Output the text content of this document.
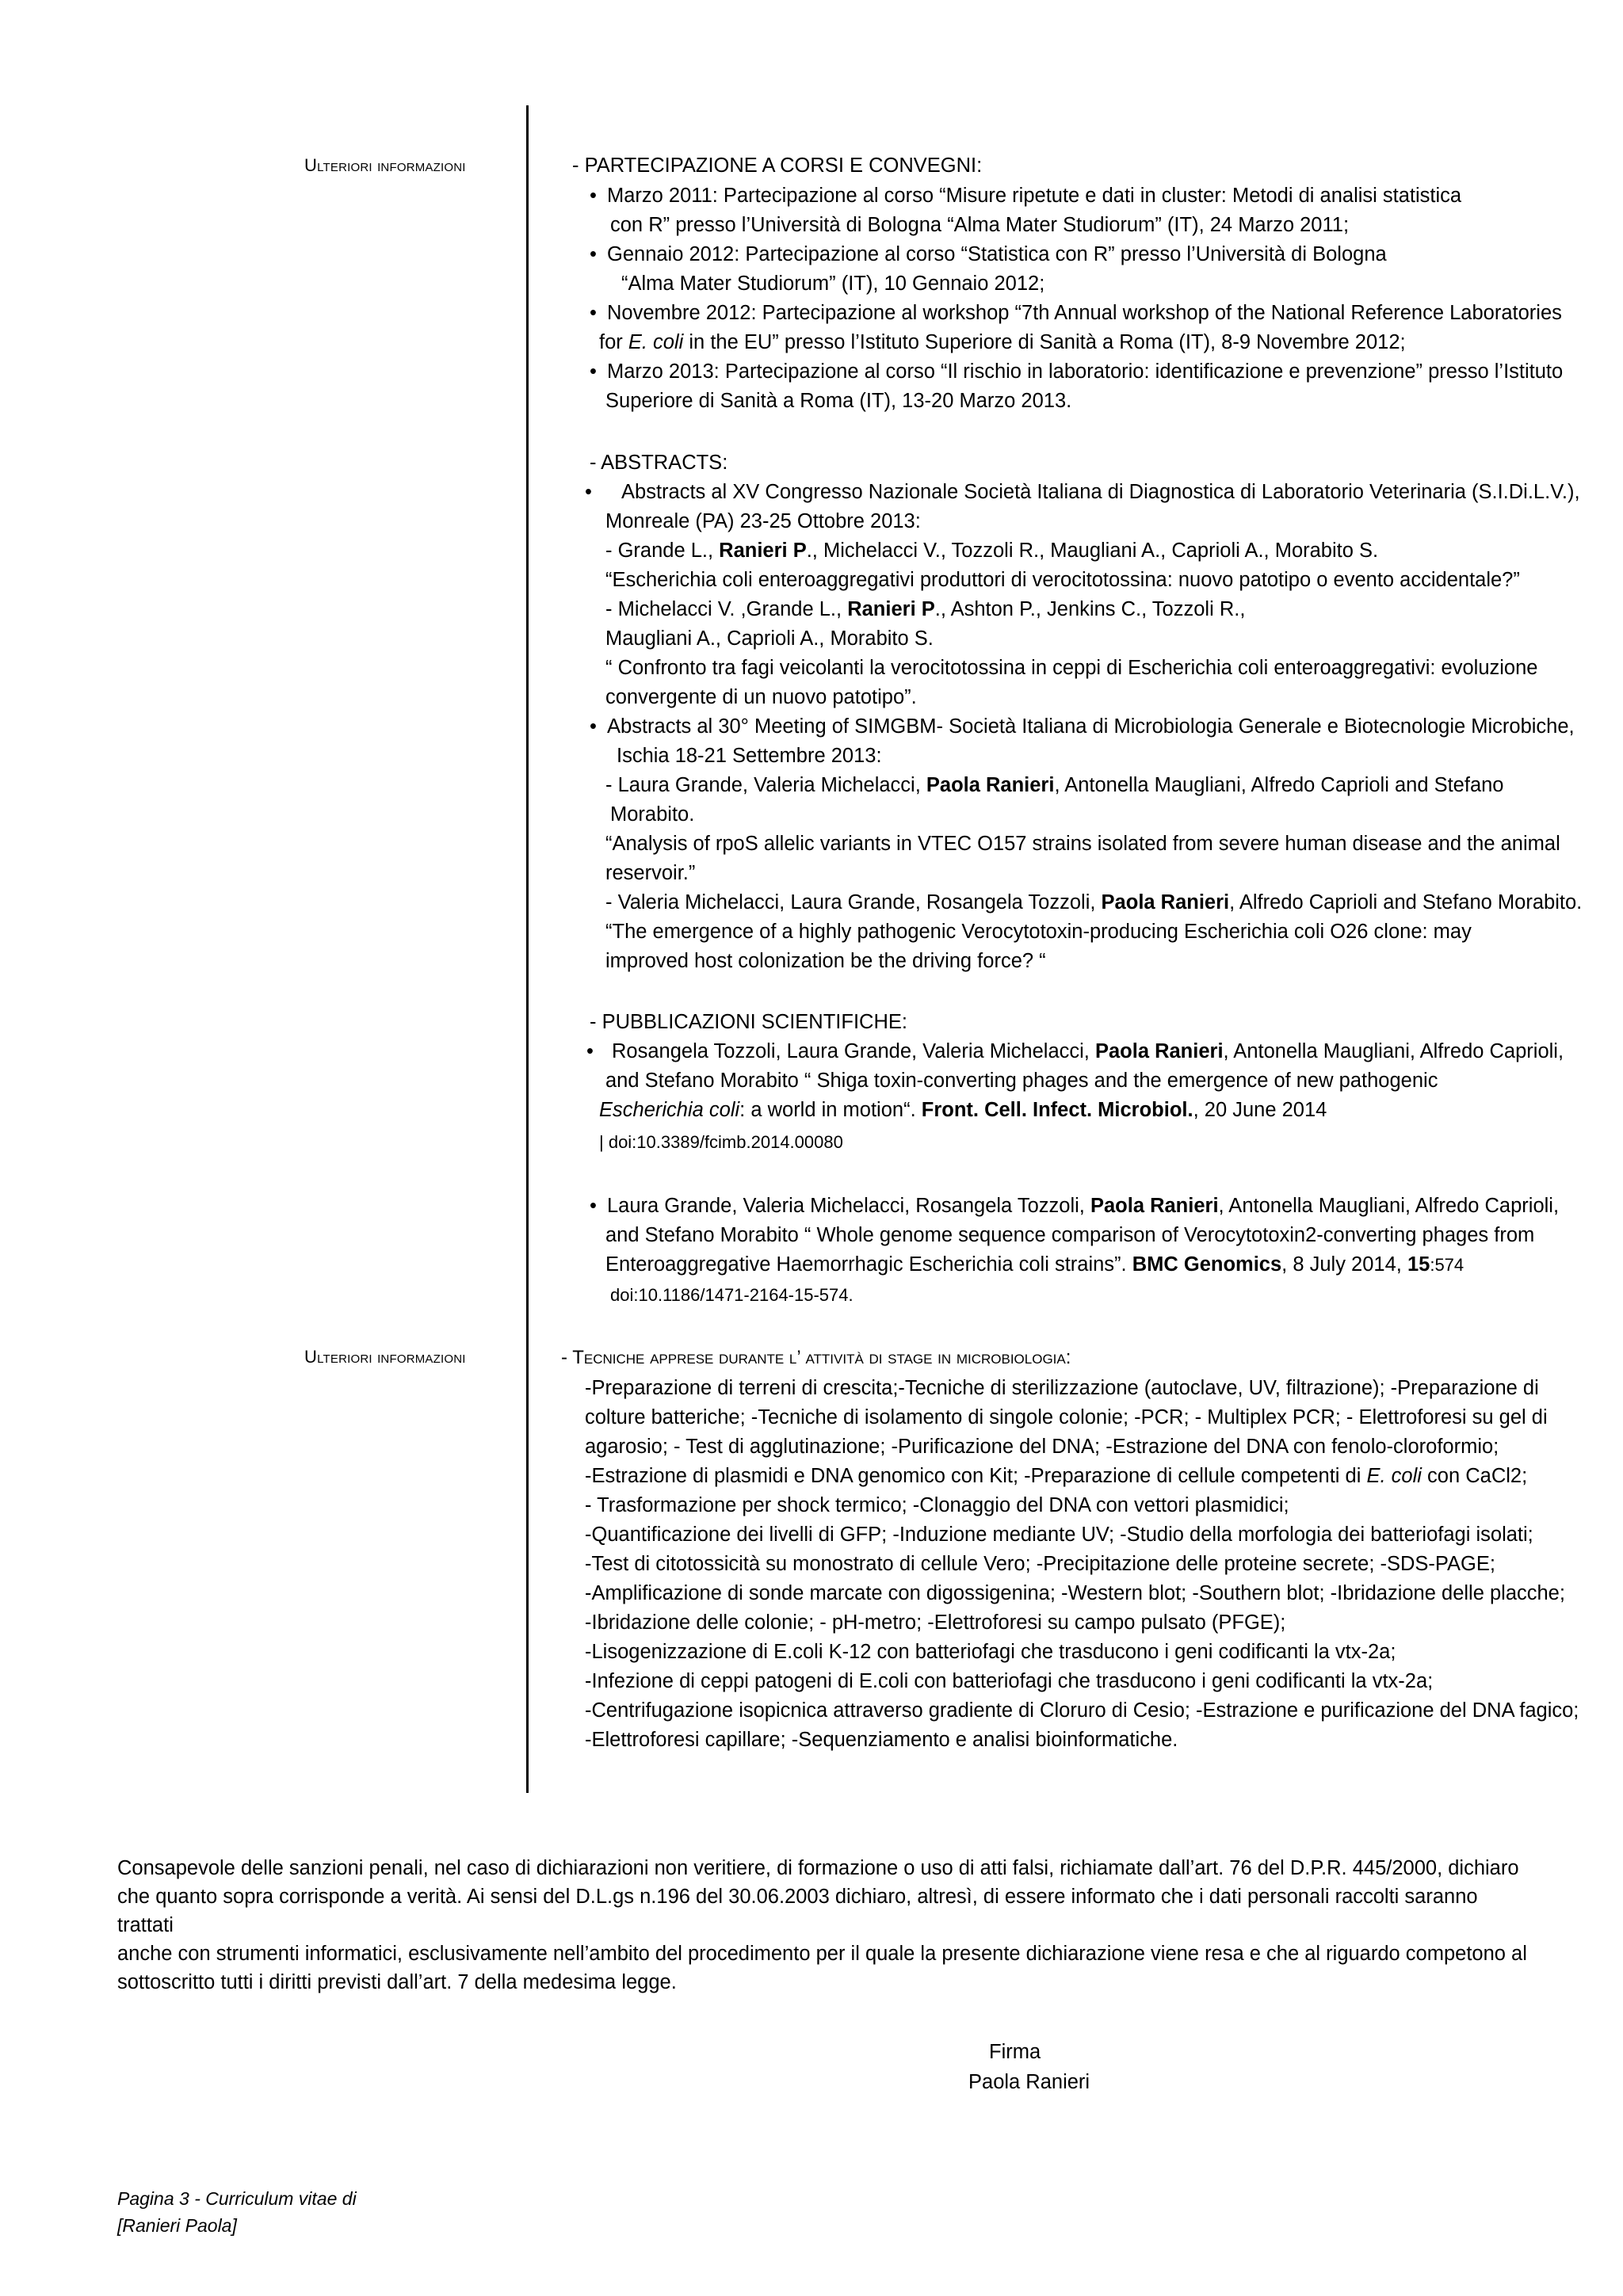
Ulteriori informazioni
Ulteriori informazioni
- PARTECIPAZIONE A CORSI E CONVEGNI:
• Marzo 2011: Partecipazione al corso “Misure ripetute e dati in cluster: Metodi di analisi statistica
con R” presso l’Università di Bologna “Alma Mater Studiorum” (IT), 24 Marzo 2011;
• Gennaio 2012: Partecipazione al corso “Statistica con R” presso l’Università di Bologna
“Alma Mater Studiorum” (IT), 10 Gennaio 2012;
• Novembre 2012: Partecipazione al workshop “7th Annual workshop of the National Reference Laboratories
for E. coli in the EU” presso l’Istituto Superiore di Sanità a Roma (IT), 8-9 Novembre 2012;
• Marzo 2013: Partecipazione al corso “Il rischio in laboratorio: identificazione e prevenzione” presso l’Istituto
Superiore di Sanità a Roma (IT), 13-20 Marzo 2013.
- ABSTRACTS:
• Abstracts al XV Congresso Nazionale Società Italiana di Diagnostica di Laboratorio Veterinaria (S.I.Di.L.V.),
Monreale (PA) 23-25 Ottobre 2013:
- Grande L., Ranieri P., Michelacci V., Tozzoli R., Maugliani A., Caprioli A., Morabito S.
“Escherichia coli enteroaggregativi produttori di verocitotossina: nuovo patotipo o evento accidentale?”
- Michelacci V. ,Grande L., Ranieri P., Ashton P., Jenkins C., Tozzoli R.,
Maugliani A., Caprioli A., Morabito S.
“ Confronto tra fagi veicolanti la verocitotossina in ceppi di Escherichia coli enteroaggregativi: evoluzione
convergente di un nuovo patotipo”.
• Abstracts al 30° Meeting of SIMGBM- Società Italiana di Microbiologia Generale e Biotecnologie Microbiche,
Ischia 18-21 Settembre 2013:
- Laura Grande, Valeria Michelacci, Paola Ranieri, Antonella Maugliani, Alfredo Caprioli and Stefano
Morabito.
“Analysis of rpoS allelic variants in VTEC O157 strains isolated from severe human disease and the animal
reservoir.”
- Valeria Michelacci, Laura Grande, Rosangela Tozzoli, Paola Ranieri, Alfredo Caprioli and Stefano Morabito.
“The emergence of a highly pathogenic Verocytotoxin-producing Escherichia coli O26 clone: may
improved host colonization be the driving force? “
- PUBBLICAZIONI SCIENTIFICHE:
• Rosangela Tozzoli, Laura Grande, Valeria Michelacci, Paola Ranieri, Antonella Maugliani, Alfredo Caprioli,
and Stefano Morabito “ Shiga toxin-converting phages and the emergence of new pathogenic
Escherichia coli: a world in motion“. Front. Cell. Infect. Microbiol., 20 June 2014
| doi:10.3389/fcimb.2014.00080
• Laura Grande, Valeria Michelacci, Rosangela Tozzoli, Paola Ranieri, Antonella Maugliani, Alfredo Caprioli,
and Stefano Morabito “ Whole genome sequence comparison of Verocytotoxin2-converting phages from
Enteroaggregative Haemorrhagic Escherichia coli strains”. BMC Genomics, 8 July 2014, 15:574
doi:10.1186/1471-2164-15-574.
- Tecniche apprese durante l’ attività di stage in microbiologia:
-Preparazione di terreni di crescita;-Tecniche di sterilizzazione (autoclave, UV, filtrazione); -Preparazione di
colture batteriche; -Tecniche di isolamento di singole colonie; -PCR; - Multiplex PCR; - Elettroforesi su gel di
agarosio; - Test di agglutinazione; -Purificazione del DNA; -Estrazione del DNA con fenolo-cloroformio;
-Estrazione di plasmidi e DNA genomico con Kit; -Preparazione di cellule competenti di E. coli con CaCl2;
- Trasformazione per shock termico; -Clonaggio del DNA con vettori plasmidici;
-Quantificazione dei livelli di GFP; -Induzione mediante UV; -Studio della morfologia dei batteriofagi isolati;
-Test di citotossicità su monostrato di cellule Vero; -Precipitazione delle proteine secrete; -SDS-PAGE;
-Amplificazione di sonde marcate con digossigenina; -Western blot; -Southern blot; -Ibridazione delle placche;
-Ibridazione delle colonie; - pH-metro; -Elettroforesi su campo pulsato (PFGE);
-Lisogenizzazione di E.coli K-12 con batteriofagi che trasducono i geni codificanti la vtx-2a;
-Infezione di ceppi patogeni di E.coli con batteriofagi che trasducono i geni codificanti la vtx-2a;
-Centrifugazione isopicnica attraverso gradiente di Cloruro di Cesio; -Estrazione e purificazione del DNA fagico;
-Elettroforesi capillare; -Sequenziamento e analisi bioinformatiche.
Consapevole delle sanzioni penali, nel caso di dichiarazioni non veritiere, di formazione o uso di atti falsi, richiamate dall’art. 76 del D.P.R. 445/2000, dichiaro
che quanto sopra corrisponde a verità. Ai sensi del D.L.gs n.196 del 30.06.2003 dichiaro, altresì, di essere informato che i dati personali raccolti saranno trattati
anche con strumenti informatici, esclusivamente nell’ambito del procedimento per il quale la presente dichiarazione viene resa e che al riguardo competono al
sottoscritto tutti i diritti previsti dall’art. 7 della medesima legge.
Firma
Paola Ranieri
Pagina 3 - Curriculum vitae di
[Ranieri Paola]
